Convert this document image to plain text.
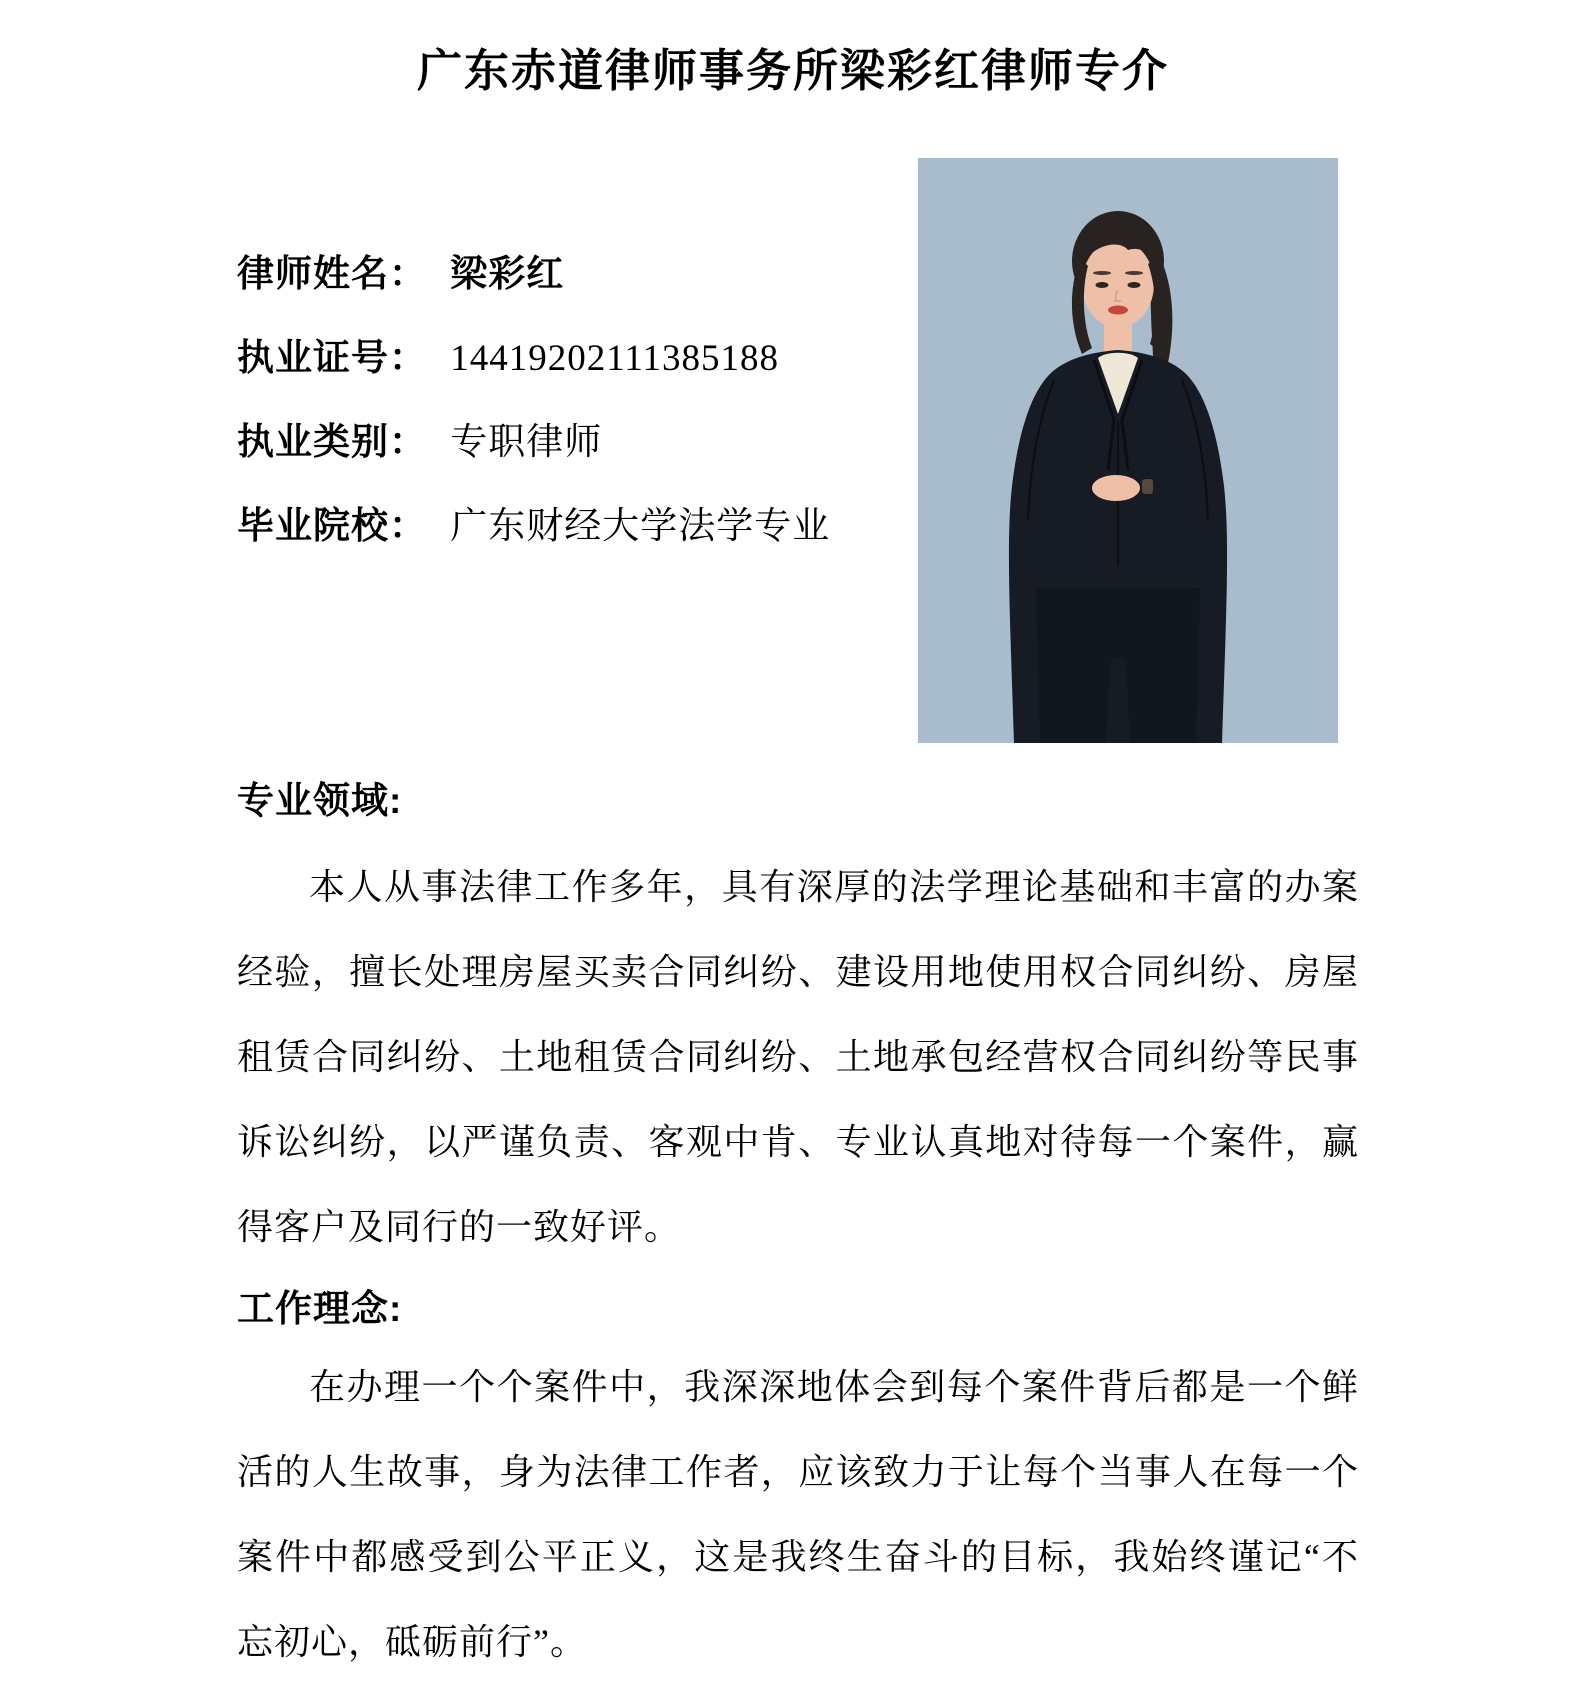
广东赤道律师事务所梁彩红律师专介
律师姓名： 梁彩红
执业证号： 14419202111385188
执业类别： 专职律师
毕业院校： 广东财经大学法学专业
专业领域:

本人从事法律工作多年，具有深厚的法学理论基础和丰富的办案经验，擅长处理房屋买卖合同纠纷、建设用地使用权合同纠纷、房屋租赁合同纠纷、土地租赁合同纠纷、土地承包经营权合同纠纷等民事诉讼纠纷，以严谨负责、客观中肯、专业认真地对待每一个案件，赢得客户及同行的一致好评。

工作理念:

在办理一个个案件中，我深深地体会到每个案件背后都是一个鲜活的人生故事，身为法律工作者，应该致力于让每个当事人在每一个案件中都感受到公平正义，这是我终生奋斗的目标，我始终谨记“不忘初心，砥砺前行”。
